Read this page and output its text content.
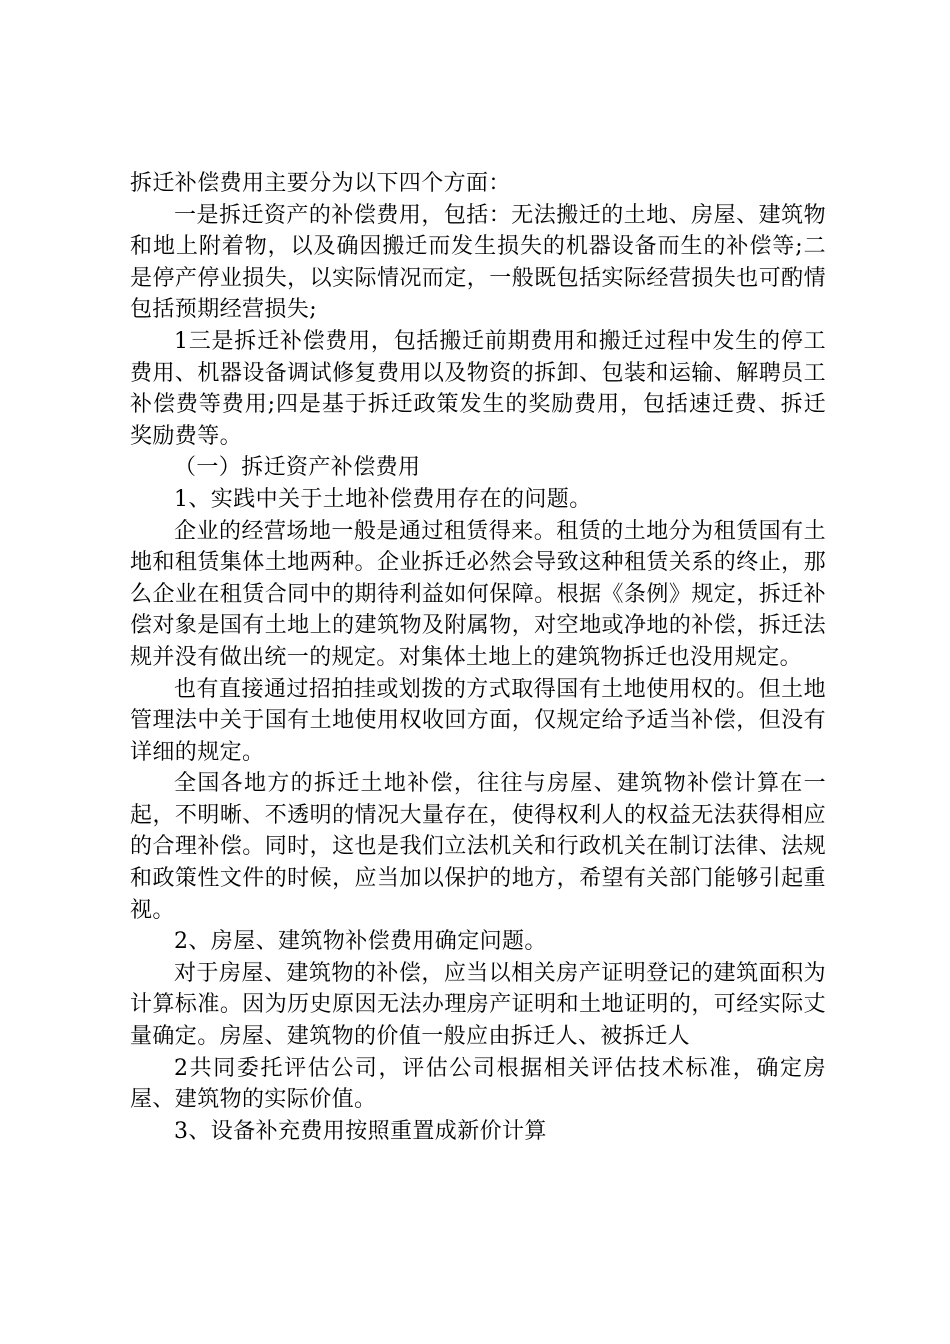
拆迁补偿费用主要分为以下四个方面：

一是拆迁资产的补偿费用，包括：无法搬迁的土地、房屋、建筑物和地上附着物，以及确因搬迁而发生损失的机器设备而生的补偿等;二是停产停业损失，以实际情况而定，一般既包括实际经营损失也可酌情包括预期经营损失;

1三是拆迁补偿费用，包括搬迁前期费用和搬迁过程中发生的停工费用、机器设备调试修复费用以及物资的拆卸、包装和运输、解聘员工补偿费等费用;四是基于拆迁政策发生的奖励费用，包括速迁费、拆迁奖励费等。

（一）拆迁资产补偿费用

1、实践中关于土地补偿费用存在的问题。

企业的经营场地一般是通过租赁得来。租赁的土地分为租赁国有土地和租赁集体土地两种。企业拆迁必然会导致这种租赁关系的终止，那么企业在租赁合同中的期待利益如何保障。根据《条例》规定，拆迁补偿对象是国有土地上的建筑物及附属物，对空地或净地的补偿，拆迁法规并没有做出统一的规定。对集体土地上的建筑物拆迁也没用规定。

也有直接通过招拍挂或划拨的方式取得国有土地使用权的。但土地管理法中关于国有土地使用权收回方面，仅规定给予适当补偿，但没有详细的规定。

全国各地方的拆迁土地补偿，往往与房屋、建筑物补偿计算在一起，不明晰、不透明的情况大量存在，使得权利人的权益无法获得相应的合理补偿。同时，这也是我们立法机关和行政机关在制订法律、法规和政策性文件的时候，应当加以保护的地方，希望有关部门能够引起重视。

2、房屋、建筑物补偿费用确定问题。

对于房屋、建筑物的补偿，应当以相关房产证明登记的建筑面积为计算标准。因为历史原因无法办理房产证明和土地证明的，可经实际丈量确定。房屋、建筑物的价值一般应由拆迁人、被拆迁人

2共同委托评估公司，评估公司根据相关评估技术标准，确定房屋、建筑物的实际价值。

3、设备补充费用按照重置成新价计算
